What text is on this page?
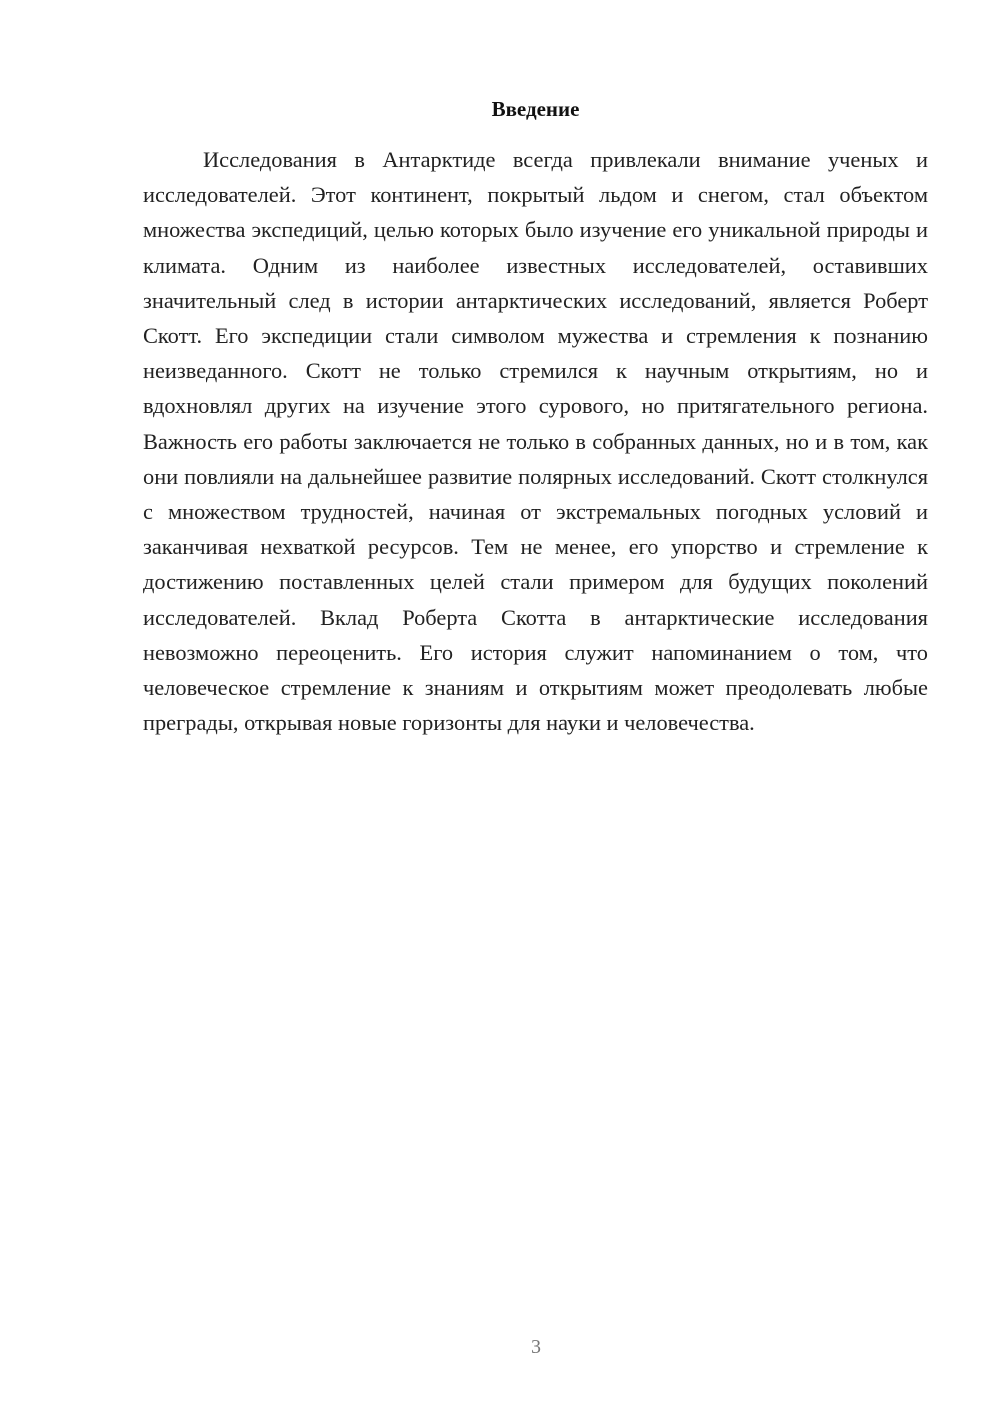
Введение

Исследования в Антарктиде всегда привлекали внимание ученых и исследователей. Этот континент, покрытый льдом и снегом, стал объектом множества экспедиций, целью которых было изучение его уникальной природы и климата. Одним из наиболее известных исследователей, оставивших значительный след в истории антарктических исследований, является Роберт Скотт. Его экспедиции стали символом мужества и стремления к познанию неизведанного. Скотт не только стремился к научным открытиям, но и вдохновлял других на изучение этого сурового, но притягательного региона. Важность его работы заключается не только в собранных данных, но и в том, как они повлияли на дальнейшее развитие полярных исследований. Скотт столкнулся с множеством трудностей, начиная от экстремальных погодных условий и заканчивая нехваткой ресурсов. Тем не менее, его упорство и стремление к достижению поставленных целей стали примером для будущих поколений исследователей. Вклад Роберта Скотта в антарктические исследования невозможно переоценить. Его история служит напоминанием о том, что человеческое стремление к знаниям и открытиям может преодолевать любые преграды, открывая новые горизонты для науки и человечества.

3
